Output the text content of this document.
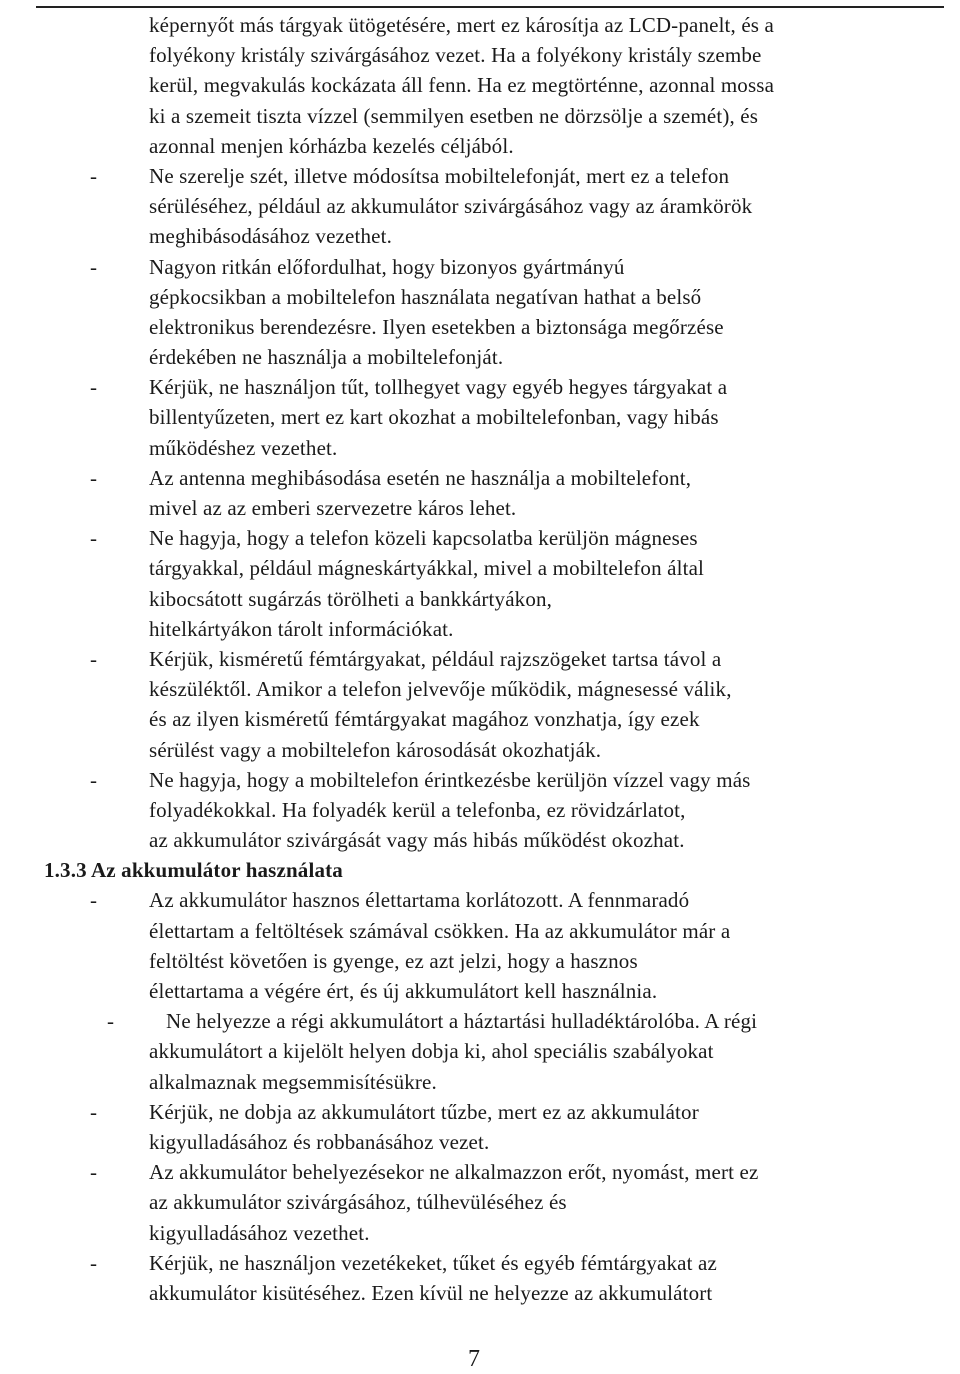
képernyőt más tárgyak ütögetésére, mert ez károsítja az LCD-panelt, és a
folyékony kristály szivárgásához vezet. Ha a folyékony kristály szembe
kerül, megvakulás kockázata áll fenn. Ha ez megtörténne, azonnal mossa
ki a szemeit tiszta vízzel (semmilyen esetben ne dörzsölje a szemét), és
azonnal menjen kórházba kezelés céljából.
- Ne szerelje szét, illetve módosítsa mobiltelefonját, mert ez a telefon
sérüléséhez, például az akkumulátor szivárgásához vagy az áramkörök
meghibásodásához vezethet.
- Nagyon ritkán előfordulhat, hogy bizonyos gyártmányú
gépkocsikban a mobiltelefon használata negatívan hathat a belső
elektronikus berendezésre. Ilyen esetekben a biztonsága megőrzése
érdekében ne használja a mobiltelefonját.
- Kérjük, ne használjon tűt, tollhegyet vagy egyéb hegyes tárgyakat a
billentyűzeten, mert ez kart okozhat a mobiltelefonban, vagy hibás
működéshez vezethet.
- Az antenna meghibásodása esetén ne használja a mobiltelefont,
mivel az az emberi szervezetre káros lehet.
- Ne hagyja, hogy a telefon közeli kapcsolatba kerüljön mágneses
tárgyakkal, például mágneskártyákkal, mivel a mobiltelefon által
kibocsátott sugárzás törölheti a bankkártyákon,
hitelkártyákon tárolt információkat.
- Kérjük, kisméretű fémtárgyakat, például rajzszögeket tartsa távol a
készüléktől. Amikor a telefon jelvevője működik, mágnesessé válik,
és az ilyen kisméretű fémtárgyakat magához vonzhatja, így ezek
sérülést vagy a mobiltelefon károsodását okozhatják.
- Ne hagyja, hogy a mobiltelefon érintkezésbe kerüljön vízzel vagy más
folyadékokkal. Ha folyadék kerül a telefonba, ez rövidzárlatot,
az akkumulátor szivárgását vagy más hibás működést okozhat.
1.3.3 Az akkumulátor használata
- Az akkumulátor hasznos élettartama korlátozott. A fennmaradó
élettartam a feltöltések számával csökken. Ha az akkumulátor már a
feltöltést követően is gyenge, ez azt jelzi, hogy a hasznos
élettartama a végére ért, és új akkumulátort kell használnia.
- Ne helyezze a régi akkumulátort a háztartási hulladéktárolóba. A régi
akkumulátort a kijelölt helyen dobja ki, ahol speciális szabályokat
alkalmaznak megsemmisítésükre.
- Kérjük, ne dobja az akkumulátort tűzbe, mert ez az akkumulátor
kigyulladásához és robbanásához vezet.
- Az akkumulátor behelyezésekor ne alkalmazzon erőt, nyomást, mert ez
az akkumulátor szivárgásához, túlhevüléséhez és
kigyulladásához vezethet.
- Kérjük, ne használjon vezetékeket, tűket és egyéb fémtárgyakat az
akkumulátor kisütéséhez. Ezen kívül ne helyezze az akkumulátort
7
